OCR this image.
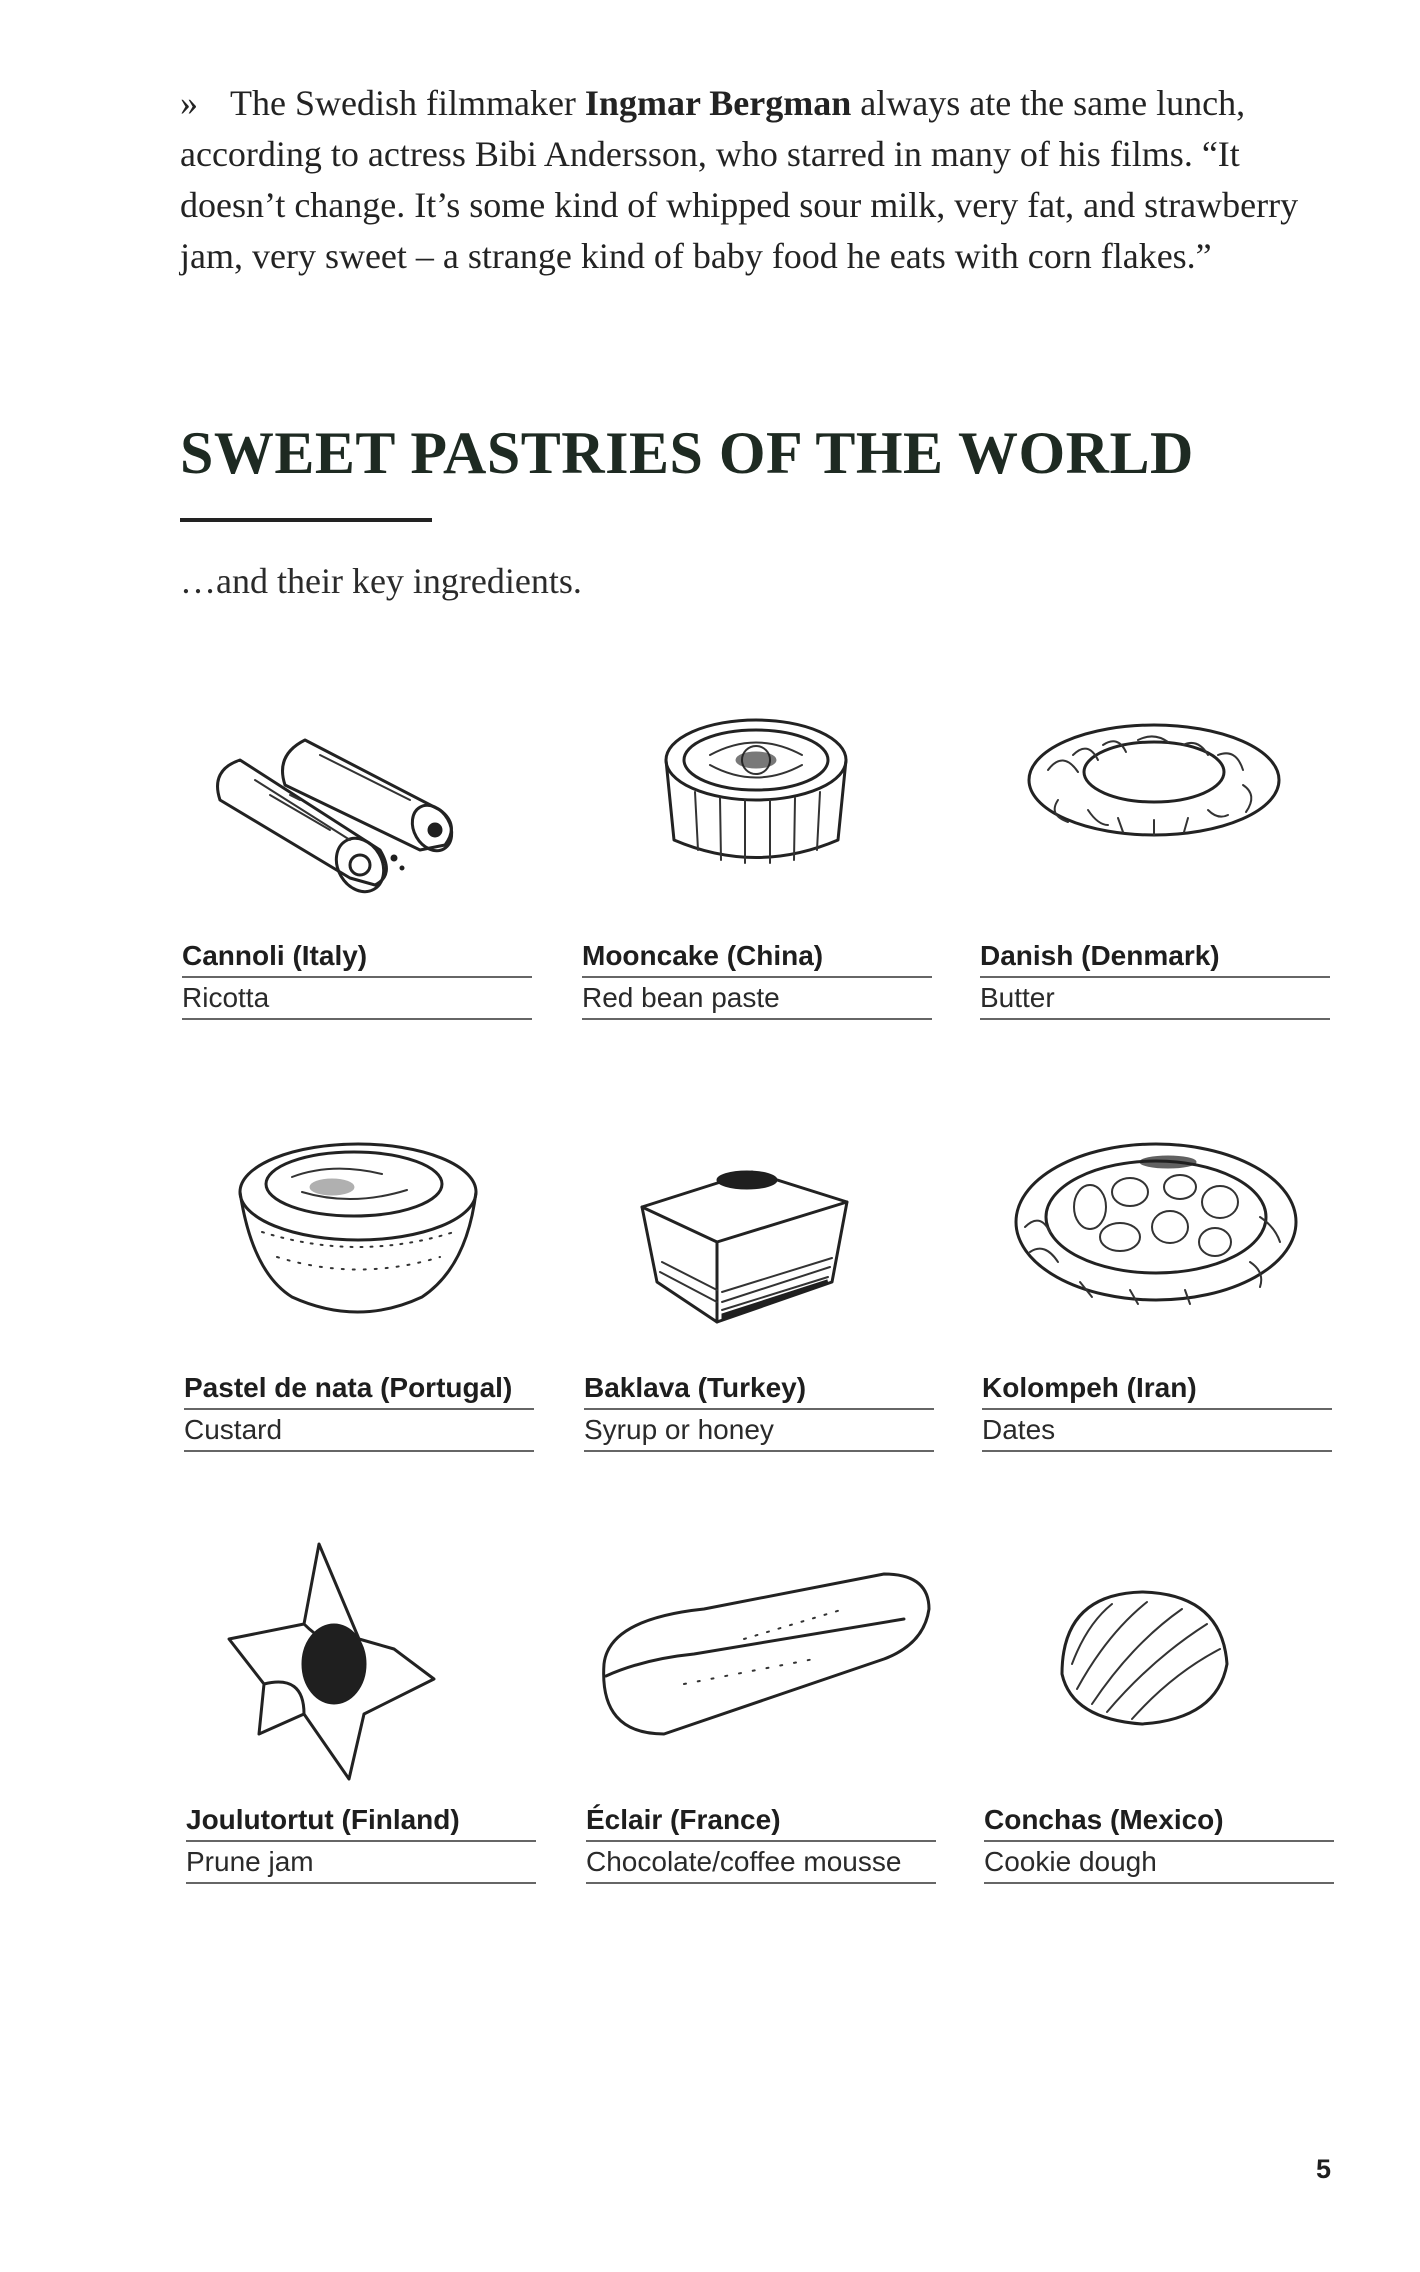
» The Swedish filmmaker Ingmar Bergman always ate the same lunch, according to actress Bibi Andersson, who starred in many of his films. “It doesn’t change. It’s some kind of whipped sour milk, very fat, and strawberry jam, very sweet – a strange kind of baby food he eats with corn flakes.”

SWEET PASTRIES OF THE WORLD
…and their key ingredients.
Cannoli (Italy)
Ricotta
Mooncake (China)
Red bean paste
Danish (Denmark)
Butter
Pastel de nata (Portugal)
Custard
Baklava (Turkey)
Syrup or honey
Kolompeh (Iran)
Dates
Joulutortut (Finland)
Prune jam
Éclair (France)
Chocolate/coffee mousse
Conchas (Mexico)
Cookie dough
5
